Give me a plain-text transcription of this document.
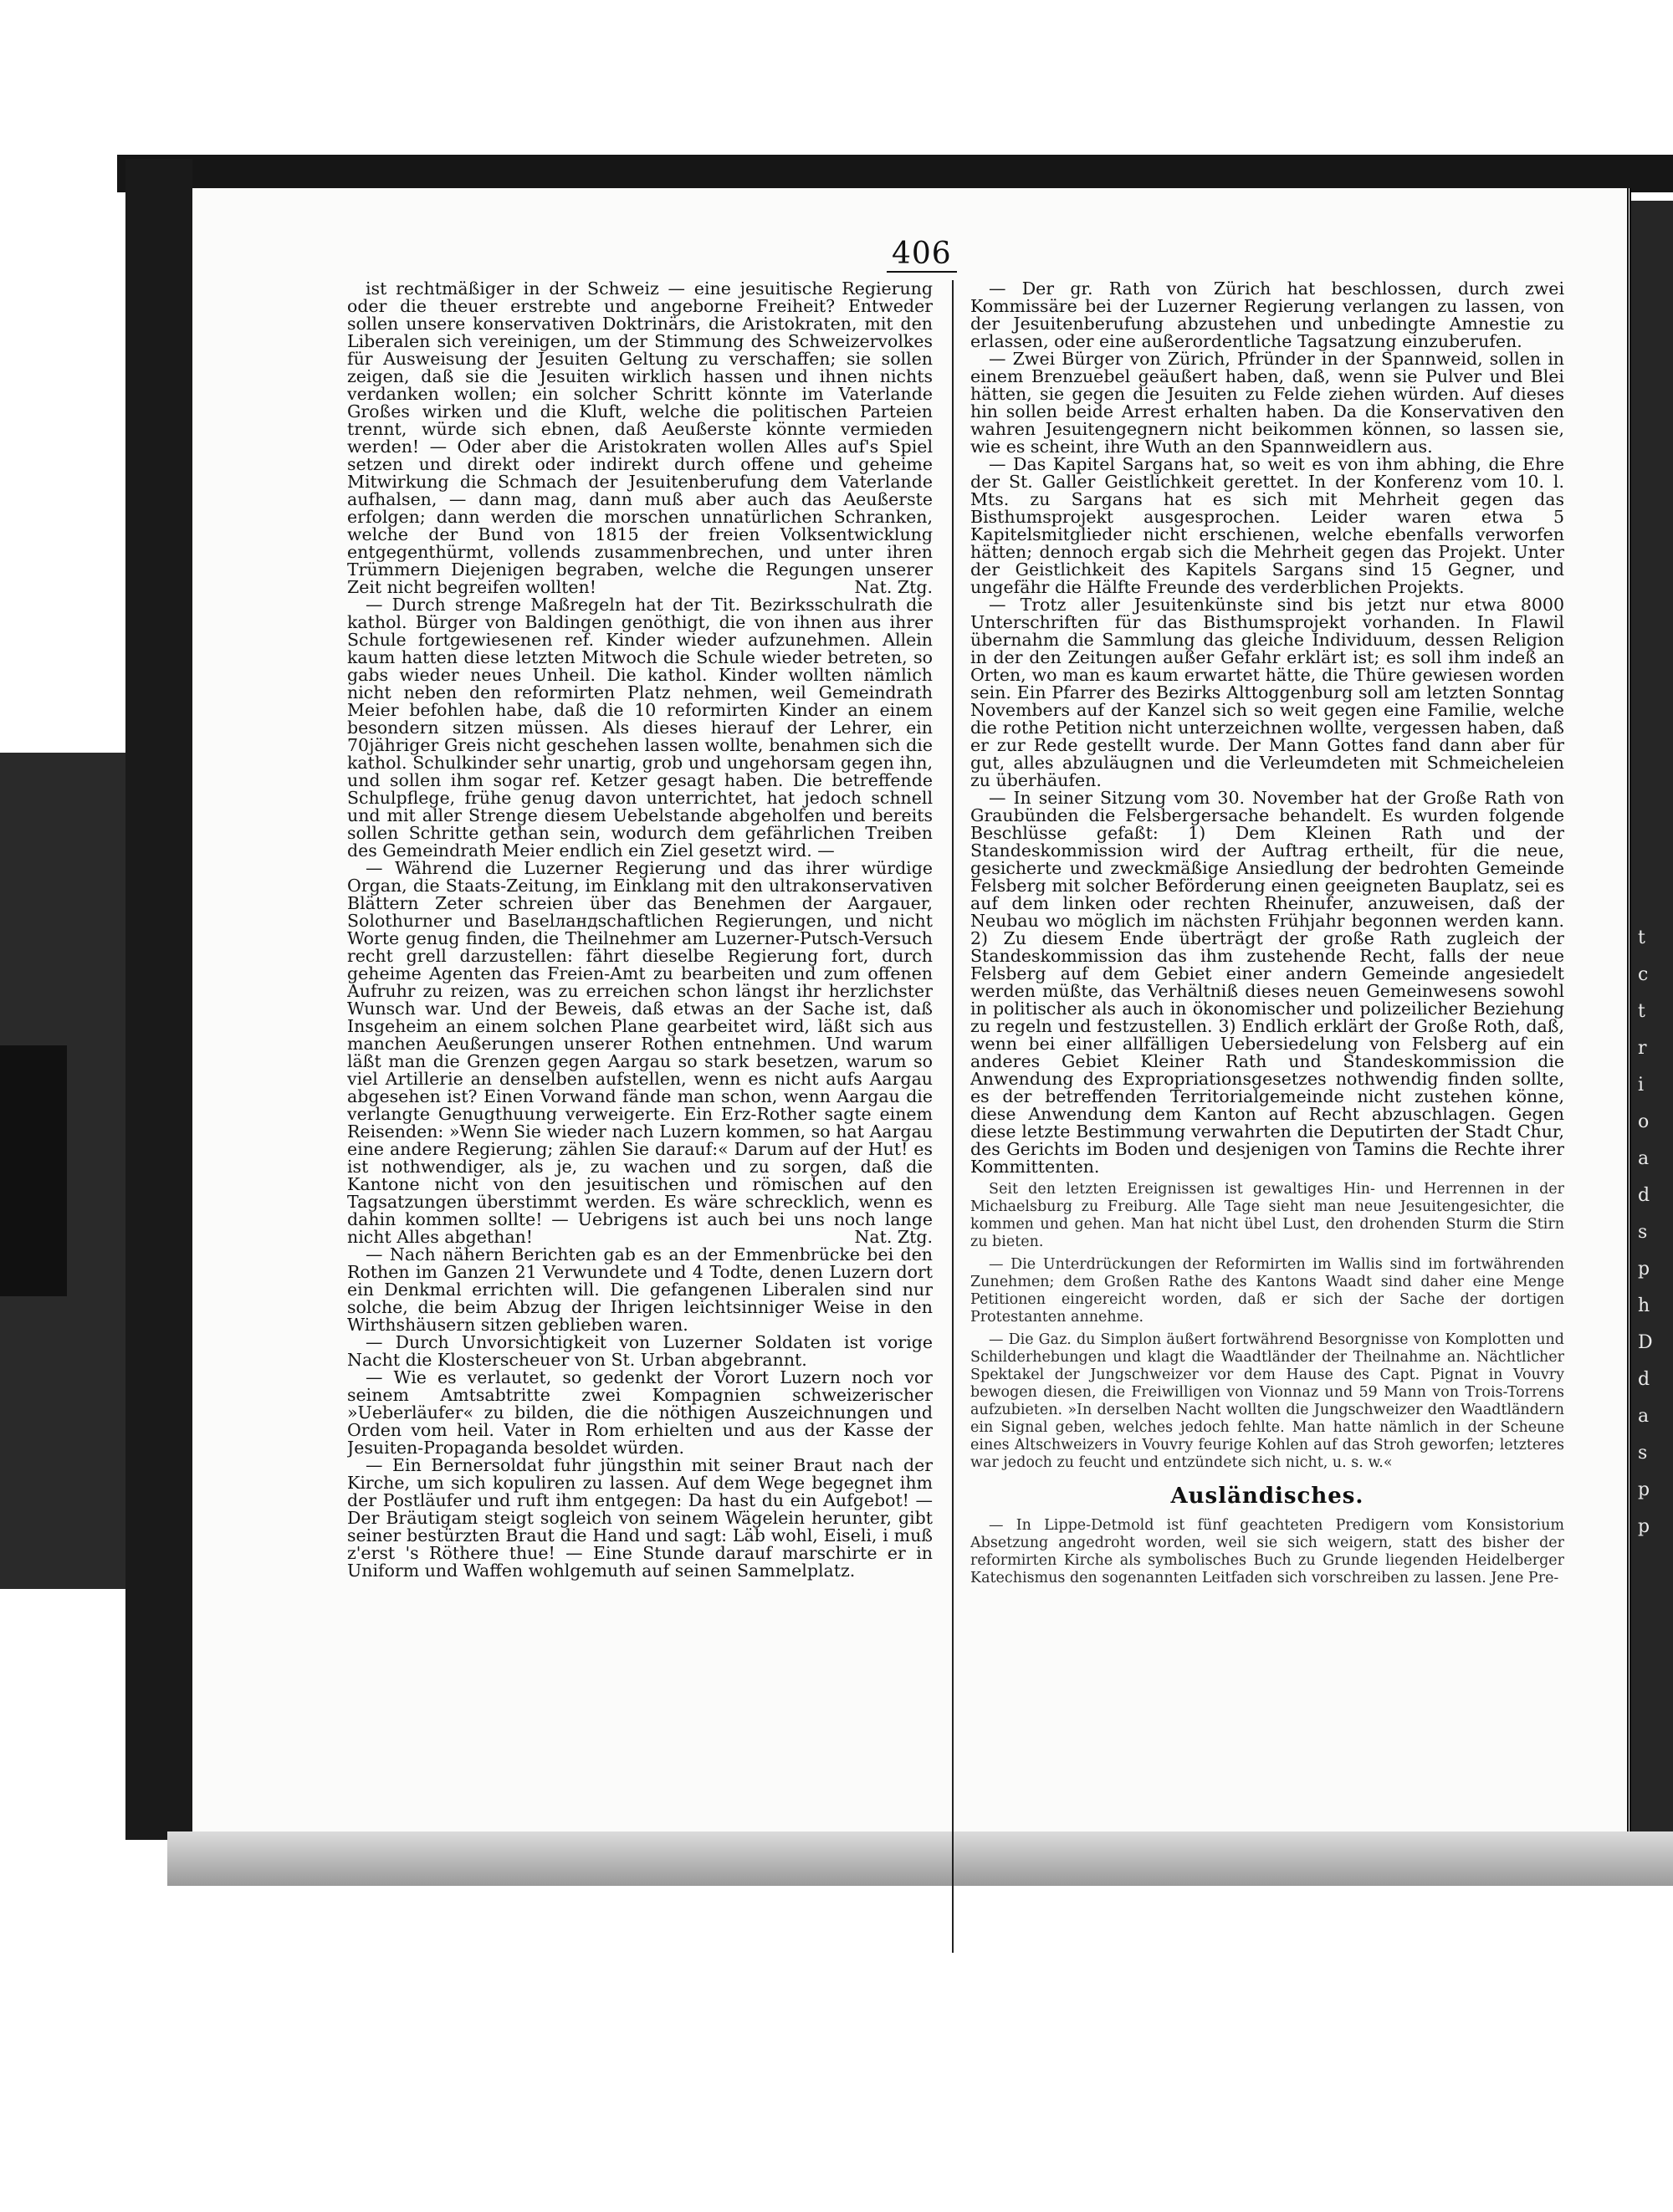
406

ist rechtmäßiger in der Schweiz — eine jesuitische Regierung oder die theuer erstrebte und angeborne Freiheit? Entweder sollen unsere konservativen Doktrinärs, die Aristokraten, mit den Liberalen sich vereinigen, um der Stimmung des Schweizervolkes für Ausweisung der Jesuiten Geltung zu verschaffen; sie sollen zeigen, daß sie die Jesuiten wirklich hassen und ihnen nichts verdanken wollen; ein solcher Schritt könnte im Vaterlande Großes wirken und die Kluft, welche die politischen Parteien trennt, würde sich ebnen, daß Aeußerste könnte vermieden werden! — Oder aber die Aristokraten wollen Alles auf's Spiel setzen und direkt oder indirekt durch offene und geheime Mitwirkung die Schmach der Jesuitenberufung dem Vaterlande aufhalsen, — dann mag, dann muß aber auch das Aeußerste erfolgen; dann werden die morschen unnatürlichen Schranken, welche der Bund von 1815 der freien Volksentwicklung entgegenthürmt, vollends zusammenbrechen, und unter ihren Trümmern Diejenigen begraben, welche die Regungen unserer Zeit nicht begreifen wollten!	Nat. Ztg.

— Durch strenge Maßregeln hat der Tit. Bezirksschulrath die kathol. Bürger von Baldingen genöthigt, die von ihnen aus ihrer Schule fortgewiesenen ref. Kinder wieder aufzunehmen. Allein kaum hatten diese letzten Mitwoch die Schule wieder betreten, so gabs wieder neues Unheil. Die kathol. Kinder wollten nämlich nicht neben den reformirten Platz nehmen, weil Gemeindrath Meier befohlen habe, daß die 10 reformirten Kinder an einem besondern sitzen müssen. Als dieses hierauf der Lehrer, ein 70jähriger Greis nicht geschehen lassen wollte, benahmen sich die kathol. Schulkinder sehr unartig, grob und ungehorsam gegen ihn, und sollen ihm sogar ref. Ketzer gesagt haben. Die betreffende Schulpflege, frühe genug davon unterrichtet, hat jedoch schnell und mit aller Strenge diesem Uebelstande abgeholfen und bereits sollen Schritte gethan sein, wodurch dem gefährlichen Treiben des Gemeindrath Meier endlich ein Ziel gesetzt wird. —

— Während die Luzerner Regierung und das ihrer würdige Organ, die Staats-Zeitung, im Einklang mit den ultrakonservativen Blättern Zeter schreien über das Benehmen der Aargauer, Solothurner und Baselландschaftlichen Regierungen, und nicht Worte genug finden, die Theilnehmer am Luzerner-Putsch-Versuch recht grell darzustellen: fährt dieselbe Regierung fort, durch geheime Agenten das Freien-Amt zu bearbeiten und zum offenen Aufruhr zu reizen, was zu erreichen schon längst ihr herzlichster Wunsch war. Und der Beweis, daß etwas an der Sache ist, daß Insgeheim an einem solchen Plane gearbeitet wird, läßt sich aus manchen Aeußerungen unserer Rothen entnehmen. Und warum läßt man die Grenzen gegen Aargau so stark besetzen, warum so viel Artillerie an denselben aufstellen, wenn es nicht aufs Aargau abgesehen ist? Einen Vorwand fände man schon, wenn Aargau die verlangte Genugthuung verweigerte. Ein Erz-Rother sagte einem Reisenden: »Wenn Sie wieder nach Luzern kommen, so hat Aargau eine andere Regierung; zählen Sie darauf:« Darum auf der Hut! es ist nothwendiger, als je, zu wachen und zu sorgen, daß die Kantone nicht von den jesuitischen und römischen auf den Tagsatzungen überstimmt werden. Es wäre schrecklich, wenn es dahin kommen sollte! — Uebrigens ist auch bei uns noch lange nicht Alles abgethan!	Nat. Ztg.

— Nach nähern Berichten gab es an der Emmenbrücke bei den Rothen im Ganzen 21 Verwundete und 4 Todte, denen Luzern dort ein Denkmal errichten will. Die gefangenen Liberalen sind nur solche, die beim Abzug der Ihrigen leichtsinniger Weise in den Wirthshäusern sitzen geblieben waren.

— Durch Unvorsichtigkeit von Luzerner Soldaten ist vorige Nacht die Klosterscheuer von St. Urban abgebrannt.

— Wie es verlautet, so gedenkt der Vorort Luzern noch vor seinem Amtsabtritte zwei Kompagnien schweizerischer »Ueberläufer« zu bilden, die die nöthigen Auszeichnungen und Orden vom heil. Vater in Rom erhielten und aus der Kasse der Jesuiten-Propaganda besoldet würden.

— Ein Bernersoldat fuhr jüngsthin mit seiner Braut nach der Kirche, um sich kopuliren zu lassen. Auf dem Wege begegnet ihm der Postläufer und ruft ihm entgegen: Da hast du ein Aufgebot! — Der Bräutigam steigt sogleich von seinem Wägelein herunter, gibt seiner bestürzten Braut die Hand und sagt: Läb wohl, Eiseli, i muß z'erst 's Röthere thue! — Eine Stunde darauf marschirte er in Uniform und Waffen wohlgemuth auf seinen Sammelplatz.

— Der gr. Rath von Zürich hat beschlossen, durch zwei Kommissäre bei der Luzerner Regierung verlangen zu lassen, von der Jesuitenberufung abzustehen und unbedingte Amnestie zu erlassen, oder eine außerordentliche Tagsatzung einzuberufen.

— Zwei Bürger von Zürich, Pfründer in der Spannweid, sollen in einem Brenzuebel geäußert haben, daß, wenn sie Pulver und Blei hätten, sie gegen die Jesuiten zu Felde ziehen würden. Auf dieses hin sollen beide Arrest erhalten haben. Da die Konservativen den wahren Jesuitengegnern nicht beikommen können, so lassen sie, wie es scheint, ihre Wuth an den Spannweidlern aus.

— Das Kapitel Sargans hat, so weit es von ihm abhing, die Ehre der St. Galler Geistlichkeit gerettet. In der Konferenz vom 10. l. Mts. zu Sargans hat es sich mit Mehrheit gegen das Bisthumsprojekt ausgesprochen. Leider waren etwa 5 Kapitelsmitglieder nicht erschienen, welche ebenfalls verworfen hätten; dennoch ergab sich die Mehrheit gegen das Projekt. Unter der Geistlichkeit des Kapitels Sargans sind 15 Gegner, und ungefähr die Hälfte Freunde des verderblichen Projekts.

— Trotz aller Jesuitenkünste sind bis jetzt nur etwa 8000 Unterschriften für das Bisthumsprojekt vorhanden. In Flawil übernahm die Sammlung das gleiche Individuum, dessen Religion in der den Zeitungen außer Gefahr erklärt ist; es soll ihm indeß an Orten, wo man es kaum erwartet hätte, die Thüre gewiesen worden sein. Ein Pfarrer des Bezirks Alttoggenburg soll am letzten Sonntag Novembers auf der Kanzel sich so weit gegen eine Familie, welche die rothe Petition nicht unterzeichnen wollte, vergessen haben, daß er zur Rede gestellt wurde. Der Mann Gottes fand dann aber für gut, alles abzuläugnen und die Verleumdeten mit Schmeicheleien zu überhäufen.

— In seiner Sitzung vom 30. November hat der Große Rath von Graubünden die Felsbergersache behandelt. Es wurden folgende Beschlüsse gefaßt: 1) Dem Kleinen Rath und der Standeskommission wird der Auftrag ertheilt, für die neue, gesicherte und zweckmäßige Ansiedlung der bedrohten Gemeinde Felsberg mit solcher Beförderung einen geeigneten Bauplatz, sei es auf dem linken oder rechten Rheinufer, anzuweisen, daß der Neubau wo möglich im nächsten Frühjahr begonnen werden kann. 2) Zu diesem Ende überträgt der große Rath zugleich der Standeskommission das ihm zustehende Recht, falls der neue Felsberg auf dem Gebiet einer andern Gemeinde angesiedelt werden müßte, das Verhältniß dieses neuen Gemeinwesens sowohl in politischer als auch in ökonomischer und polizeilicher Beziehung zu regeln und festzustellen. 3) Endlich erklärt der Große Roth, daß, wenn bei einer allfälligen Uebersiedelung von Felsberg auf ein anderes Gebiet Kleiner Rath und Standeskommission die Anwendung des Expropriationsgesetzes nothwendig finden sollte, es der betreffenden Territorialgemeinde nicht zustehen könne, diese Anwendung dem Kanton auf Recht abzuschlagen. Gegen diese letzte Bestimmung verwahrten die Deputirten der Stadt Chur, des Gerichts im Boden und desjenigen von Tamins die Rechte ihrer Kommittenten.

Seit den letzten Ereignissen ist gewaltiges Hin- und Herrennen in der Michaelsburg zu Freiburg. Alle Tage sieht man neue Jesuitengesichter, die kommen und gehen. Man hat nicht übel Lust, den drohenden Sturm die Stirn zu bieten.

— Die Unterdrückungen der Reformirten im Wallis sind im fortwährenden Zunehmen; dem Großen Rathe des Kantons Waadt sind daher eine Menge Petitionen eingereicht worden, daß er sich der Sache der dortigen Protestanten annehme.

— Die Gaz. du Simplon äußert fortwährend Besorgnisse von Komplotten und Schilderhebungen und klagt die Waadtländer der Theilnahme an. Nächtlicher Spektakel der Jungschweizer vor dem Hause des Capt. Pignat in Vouvry bewogen diesen, die Freiwilligen von Vionnaz und 59 Mann von Trois-Torrens aufzubieten. »In derselben Nacht wollten die Jungschweizer den Waadtländern ein Signal geben, welches jedoch fehlte. Man hatte nämlich in der Scheune eines Altschweizers in Vouvry feurige Kohlen auf das Stroh geworfen; letzteres war jedoch zu feucht und entzündete sich nicht, u. s. w.«

Ausländisches.

— In Lippe-Detmold ist fünf geachteten Predigern vom Konsistorium Absetzung angedroht worden, weil sie sich weigern, statt des bisher der reformirten Kirche als symbolisches Buch zu Grunde liegenden Heidelberger Katechismus den sogenannten Leitfaden sich vorschreiben zu lassen. Jene Pre-

t
c
t
r
i
o
a
d
s
p
h
D
d
a
s
p
p
